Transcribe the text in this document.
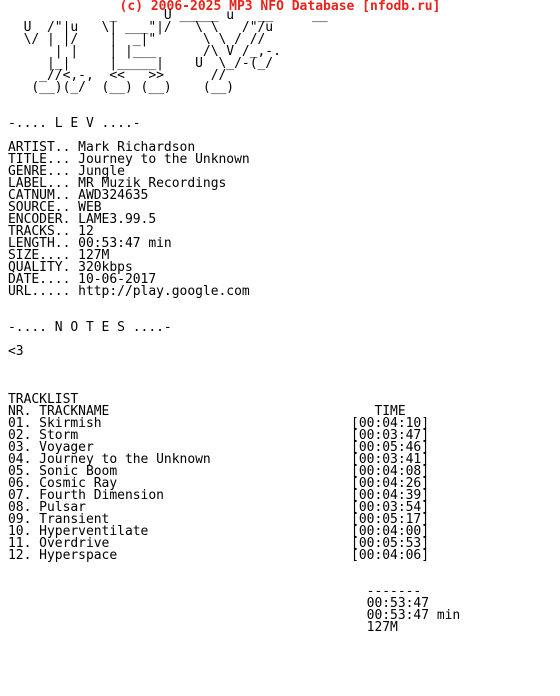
(c) 2006-2025 MP3 NFO Database [nfodb.ru]
_      U _____ u   __     __
U  /"|u   \| ___"|/   \ \   /"/u
\/ | |/    |  _|"      \ \ / //
| |    | |___      /\ V /_,-.
|_|     |_____|    U  \_/-(_/
_//<,-,  <<   >>      //
(__)(_/  (__) (__)    (__)

-.... L E V ....-

ARTIST.. Mark Richardson
TITLE... Journey to the Unknown
GENRE... Jungle
LABEL... MR Muzik Recordings
CATNUM.. AWD324635
SOURCE.. WEB
ENCODER. LAME3.99.5
TRACKS.. 12
LENGTH.. 00:53:47 min
SIZE.... 127M
QUALITY. 320kbps
DATE.... 10-06-2017
URL..... http://play.google.com

-.... N O T E S ....-

<3

TRACKLIST
NR. TRACKNAME                                  TIME
01. Skirmish                                [00:04:10]
02. Storm                                   [00:03:47]
03. Voyager                                 [00:05:46]
04. Journey to the Unknown                  [00:03:41]
05. Sonic Boom                              [00:04:08]
06. Cosmic Ray                              [00:04:26]
07. Fourth Dimension                        [00:04:39]
08. Pulsar                                  [00:03:54]
09. Transient                               [00:05:17]
10. Hyperventilate                          [00:04:00]
11. Overdrive                               [00:05:53]
12. Hyperspace                              [00:04:06]

-------
00:53:47
00:53:47 min
127M
